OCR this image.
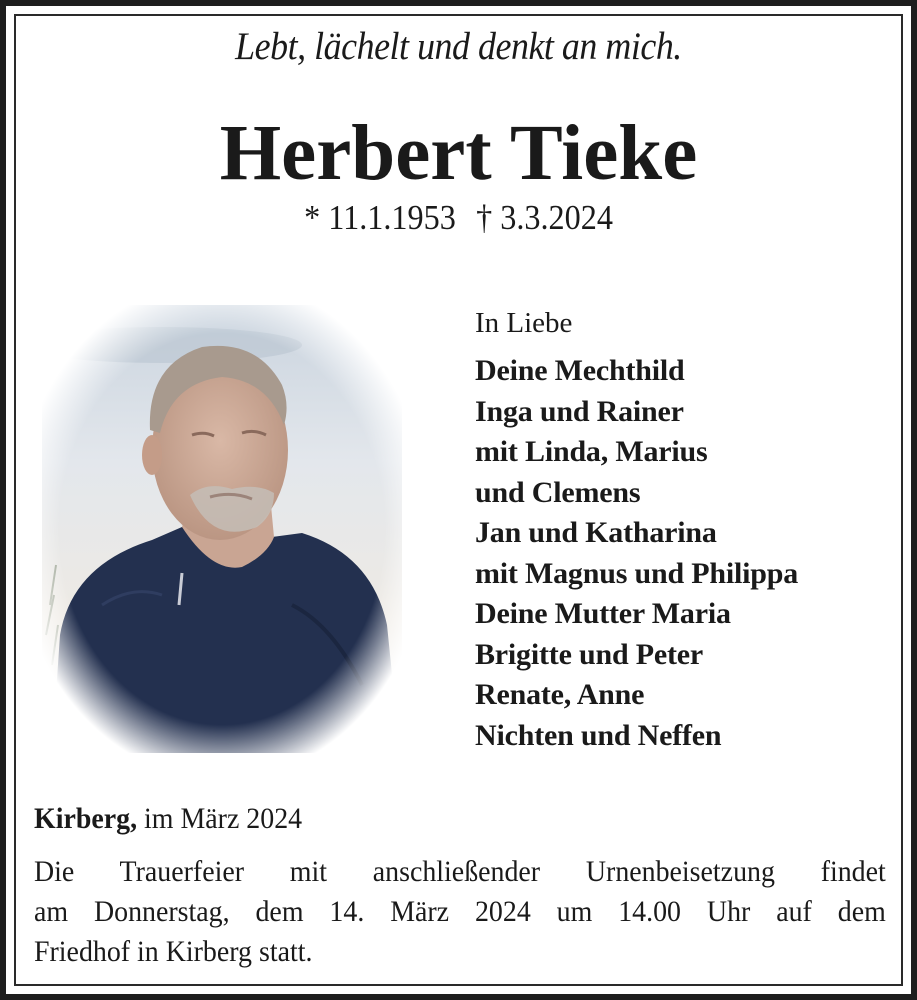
Lebt, lächelt und denkt an mich.
Herbert Tieke
* 11.1.1953 † 3.3.2024
In Liebe
Deine Mechthild
Inga und Rainer
mit Linda, Marius
und Clemens
Jan und Katharina
mit Magnus und Philippa
Deine Mutter Maria
Brigitte und Peter
Renate, Anne
Nichten und Neffen
Kirberg, im März 2024
Die Trauerfeier mit anschließender Urnenbeisetzung findet
am Donnerstag, dem 14. März 2024 um 14.00 Uhr auf dem
Friedhof in Kirberg statt.
